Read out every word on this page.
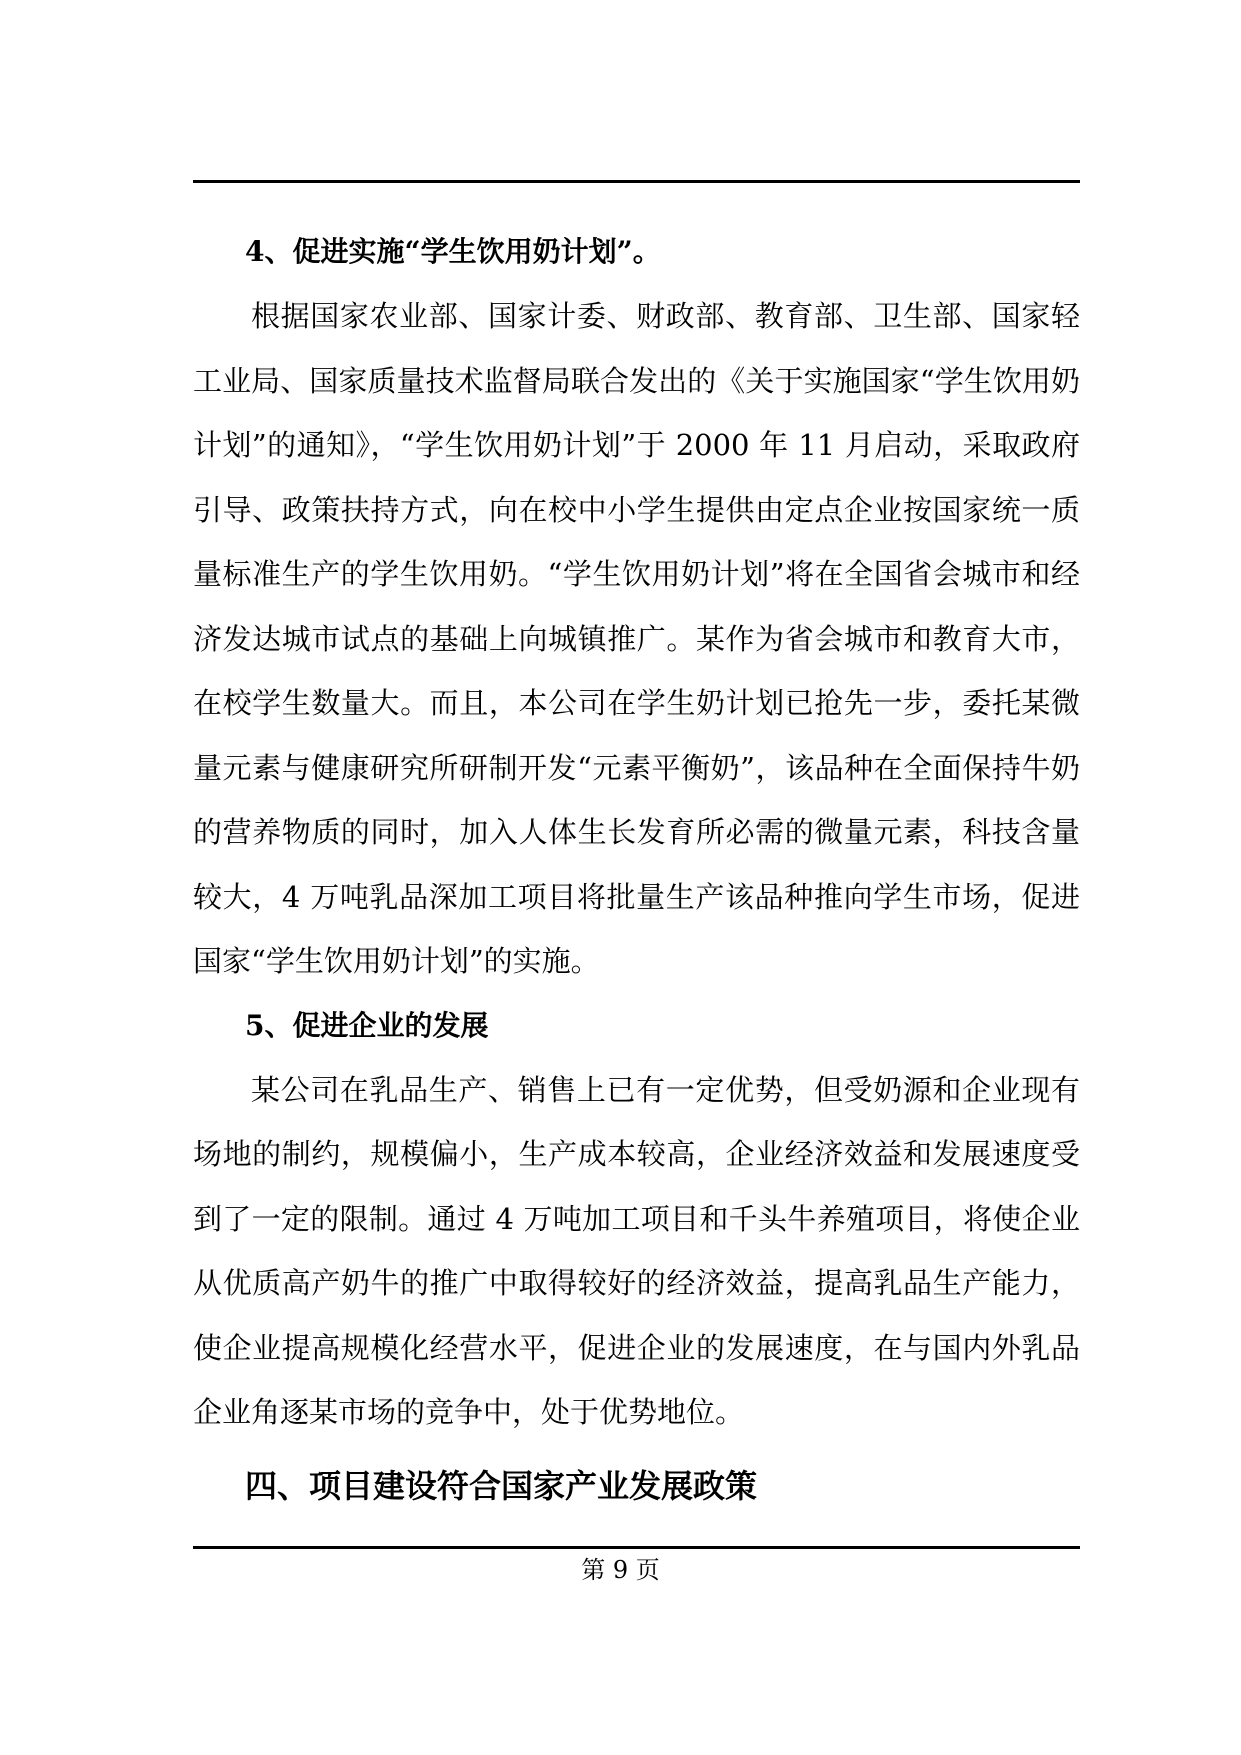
4、促进实施“学生饮用奶计划”。

根据国家农业部、国家计委、财政部、教育部、卫生部、国家轻工业局、国家质量技术监督局联合发出的《关于实施国家“学生饮用奶计划”的通知》，“学生饮用奶计划”于 2000 年 11 月启动，采取政府引导、政策扶持方式，向在校中小学生提供由定点企业按国家统一质量标准生产的学生饮用奶。“学生饮用奶计划”将在全国省会城市和经济发达城市试点的基础上向城镇推广。某作为省会城市和教育大市，在校学生数量大。而且，本公司在学生奶计划已抢先一步，委托某微量元素与健康研究所研制开发“元素平衡奶”，该品种在全面保持牛奶的营养物质的同时，加入人体生长发育所必需的微量元素，科技含量较大，4 万吨乳品深加工项目将批量生产该品种推向学生市场，促进国家“学生饮用奶计划”的实施。

5、促进企业的发展

某公司在乳品生产、销售上已有一定优势，但受奶源和企业现有场地的制约，规模偏小，生产成本较高，企业经济效益和发展速度受到了一定的限制。通过 4 万吨加工项目和千头牛养殖项目，将使企业从优质高产奶牛的推广中取得较好的经济效益，提高乳品生产能力，使企业提高规模化经营水平，促进企业的发展速度，在与国内外乳品企业角逐某市场的竞争中，处于优势地位。

四、项目建设符合国家产业发展政策

第 9 页
